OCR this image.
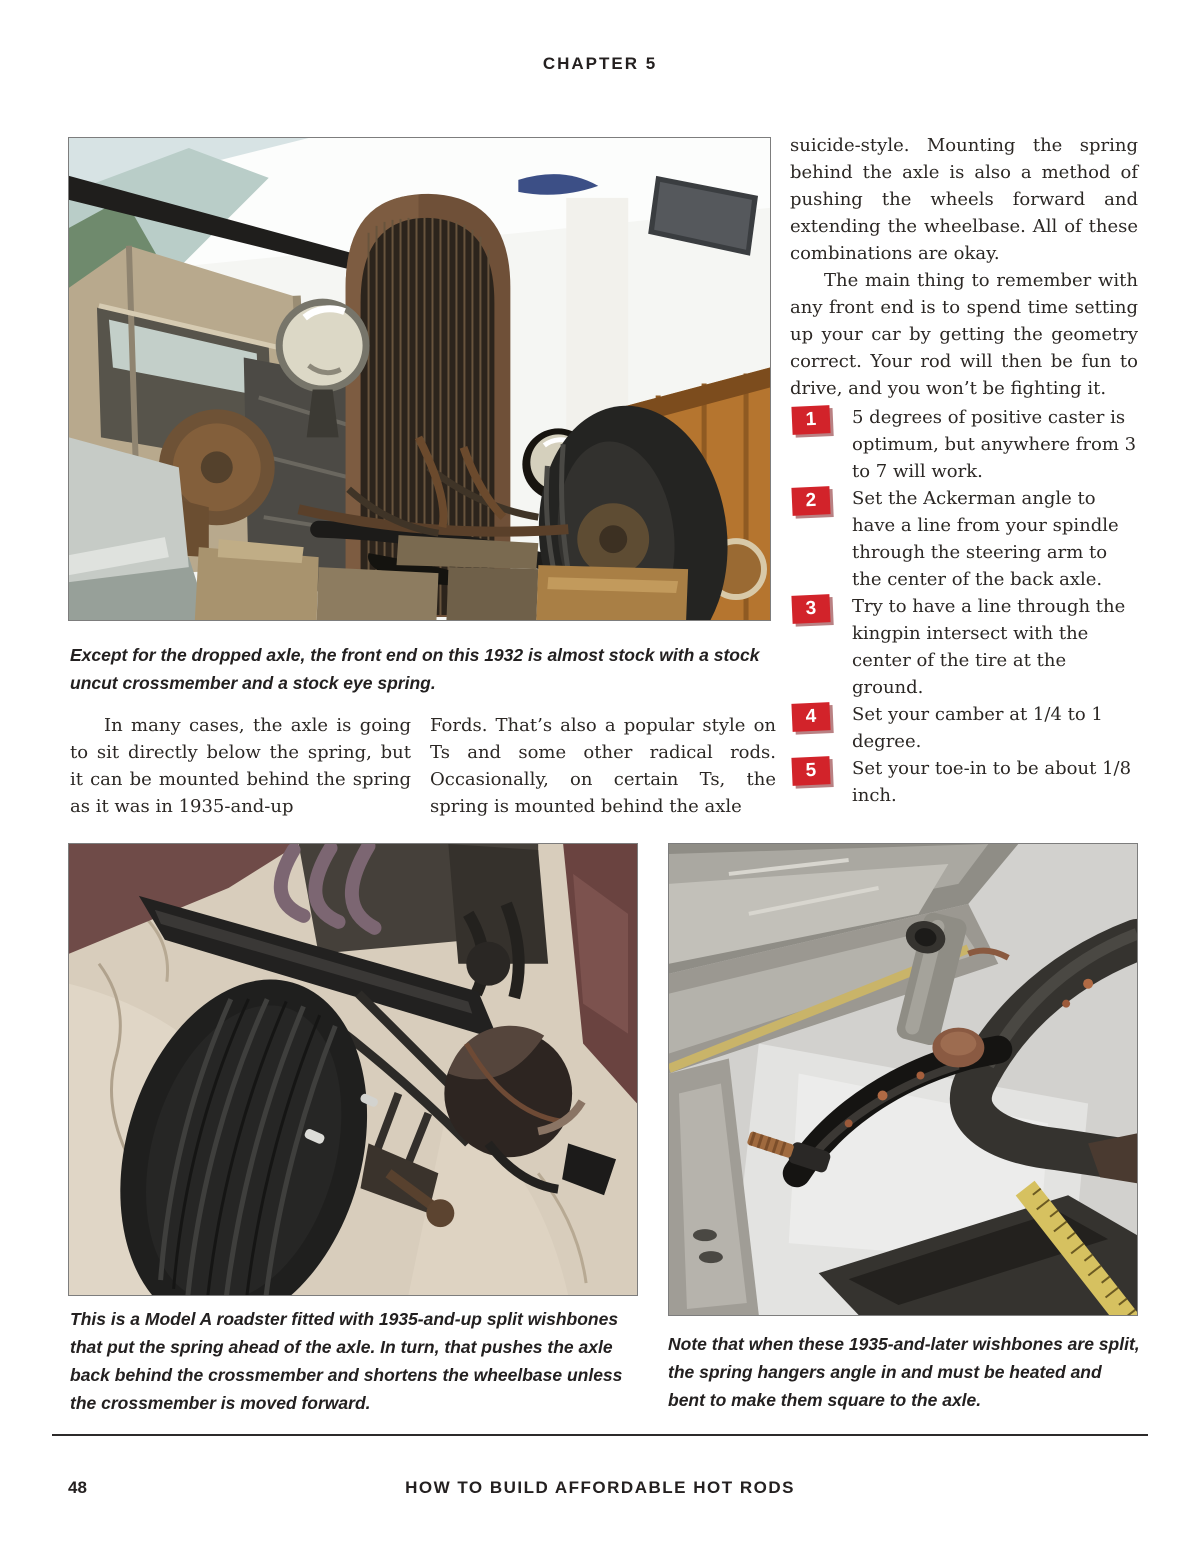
CHAPTER 5
Except for the dropped axle, the front end on this 1932 is almost stock with a stock uncut crossmember and a stock eye spring.
In many cases, the axle is going to sit directly below the spring, but it can be mounted behind the spring as it was in 1935-and-up
Fords. That’s also a popular style on Ts and some other radical rods. Occasionally, on certain Ts, the spring is mounted behind the axle
suicide-style. Mounting the spring behind the axle is also a method of pushing the wheels forward and extending the wheelbase. All of these combinations are okay.
The main thing to remember with any front end is to spend time setting up your car by getting the geometry correct. Your rod will then be fun to drive, and you won’t be fighting it.
1	5 degrees of positive caster is optimum, but anywhere from 3 to 7 will work.
2	Set the Ackerman angle to have a line from your spindle through the steering arm to the center of the back axle.
3	Try to have a line through the kingpin intersect with the center of the tire at the ground.
4	Set your camber at 1/4 to 1 degree.
5	Set your toe-in to be about 1/8 inch.
This is a Model A roadster fitted with 1935-and-up split wishbones that put the spring ahead of the axle. In turn, that pushes the axle back behind the crossmember and shortens the wheelbase unless the crossmember is moved forward.
Note that when these 1935-and-later wishbones are split, the spring hangers angle in and must be heated and bent to make them square to the axle.
48	HOW TO BUILD AFFORDABLE HOT RODS
